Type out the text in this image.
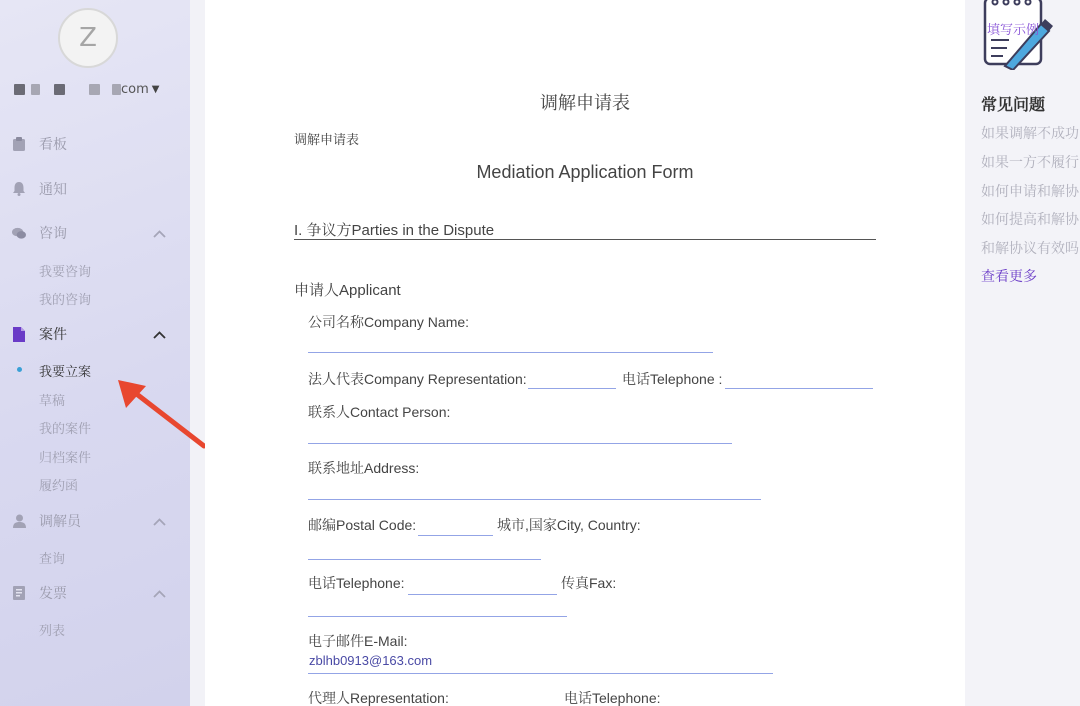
Z
com ▼
看板
通知
咨询
我要咨询
我的咨询
案件
我要立案
草稿
我的案件
归档案件
履约函
调解员
查询
发票
列表
调解申请表
调解申请表
Mediation Application Form
I. 争议方Parties in the Dispute
申请人Applicant
公司名称Company Name:
法人代表Company Representation:	电话Telephone :
联系人Contact Person:
联系地址Address:
邮编Postal Code:	城市,国家City, Country:
电话Telephone:	传真Fax:
电子邮件E-Mail:
zblhb0913@163.com
代理人Representation:	电话Telephone:
填写示例
常见问题
如果调解不成功
如果一方不履行
如何申请和解协
如何提高和解协
和解协议有效吗
查看更多
